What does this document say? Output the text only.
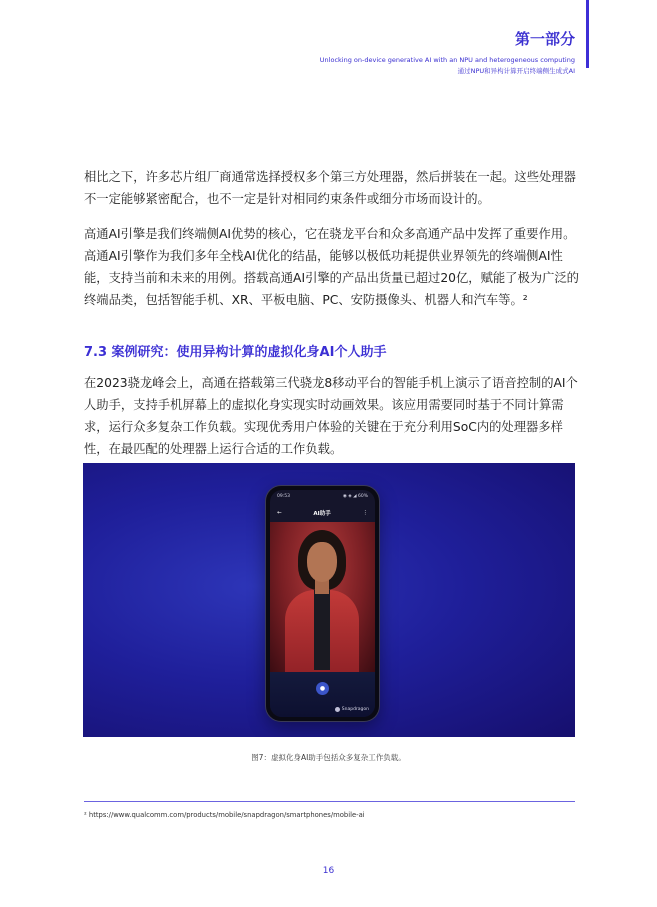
第一部分
Unlocking on-device generative AI with an NPU and heterogeneous computing
通过NPU和异构计算开启终端侧生成式AI

相比之下，许多芯片组厂商通常选择授权多个第三方处理器，然后拼装在一起。这些处理器不一定能够紧密配合，也不一定是针对相同约束条件或细分市场而设计的。

高通AI引擎是我们终端侧AI优势的核心，它在骁龙平台和众多高通产品中发挥了重要作用。高通AI引擎作为我们多年全栈AI优化的结晶，能够以极低功耗提供业界领先的终端侧AI性能，支持当前和未来的用例。搭载高通AI引擎的产品出货量已超过20亿，赋能了极为广泛的终端品类，包括智能手机、XR、平板电脑、PC、安防摄像头、机器人和汽车等。²

7.3 案例研究：使用异构计算的虚拟化身AI个人助手

在2023骁龙峰会上，高通在搭载第三代骁龙8移动平台的智能手机上演示了语音控制的AI个人助手，支持手机屏幕上的虚拟化身实现实时动画效果。该应用需要同时基于不同计算需求，运行众多复杂工作负载。实现优秀用户体验的关键在于充分利用SoC内的处理器多样性，在最匹配的处理器上运行合适的工作负载。

09:53	◉ ◈ ◢ 60%
←	AI助手	⋮
●
Snapdragon
图7：虚拟化身AI助手包括众多复杂工作负载。
² https://www.qualcomm.com/products/mobile/snapdragon/smartphones/mobile-ai
16
